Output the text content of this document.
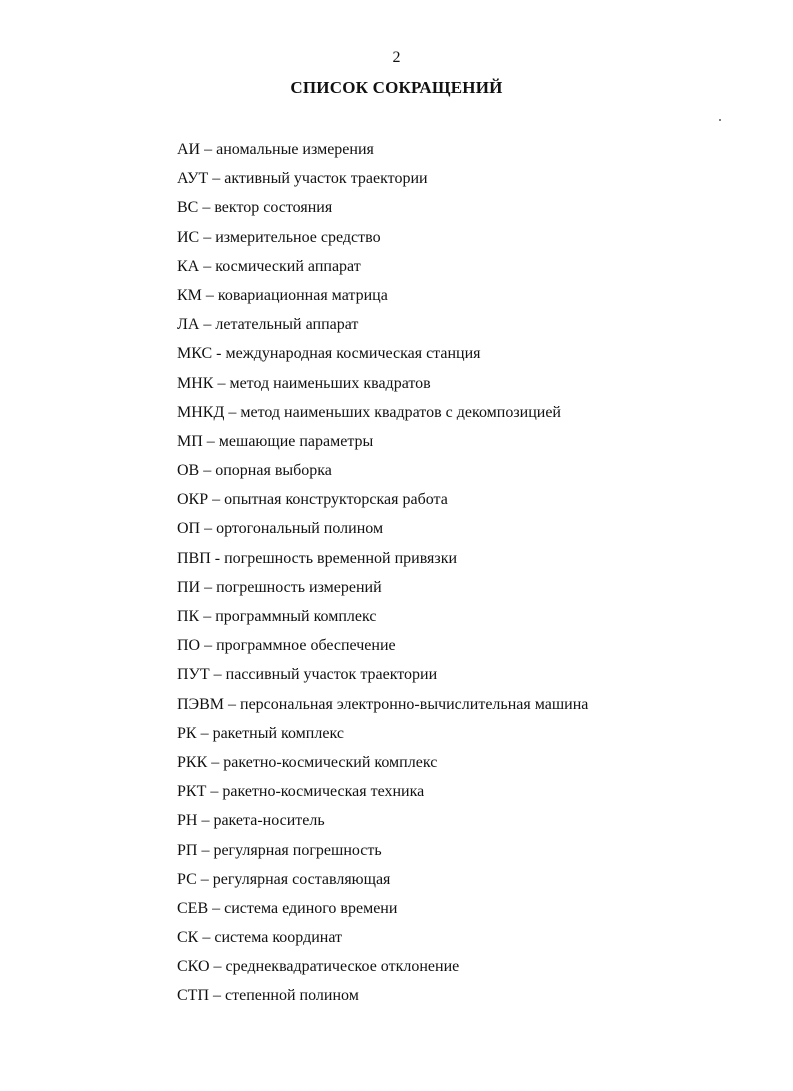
2
СПИСОК СОКРАЩЕНИЙ
АИ – аномальные измерения
АУТ – активный участок траектории
ВС – вектор состояния
ИС – измерительное средство
КА – космический аппарат
КМ – ковариационная матрица
ЛА – летательный аппарат
МКС - международная космическая станция
МНК – метод наименьших квадратов
МНКД – метод наименьших квадратов с декомпозицией
МП – мешающие параметры
ОВ – опорная выборка
ОКР – опытная конструкторская работа
ОП – ортогональный полином
ПВП - погрешность временной привязки
ПИ – погрешность измерений
ПК – программный комплекс
ПО – программное обеспечение
ПУТ – пассивный участок траектории
ПЭВМ – персональная электронно-вычислительная машина
РК – ракетный комплекс
РКК – ракетно-космический комплекс
РКТ – ракетно-космическая техника
РН – ракета-носитель
РП – регулярная погрешность
РС – регулярная составляющая
СЕВ – система единого времени
СК – система координат
СКО – среднеквадратическое отклонение
СТП – степенной полином
